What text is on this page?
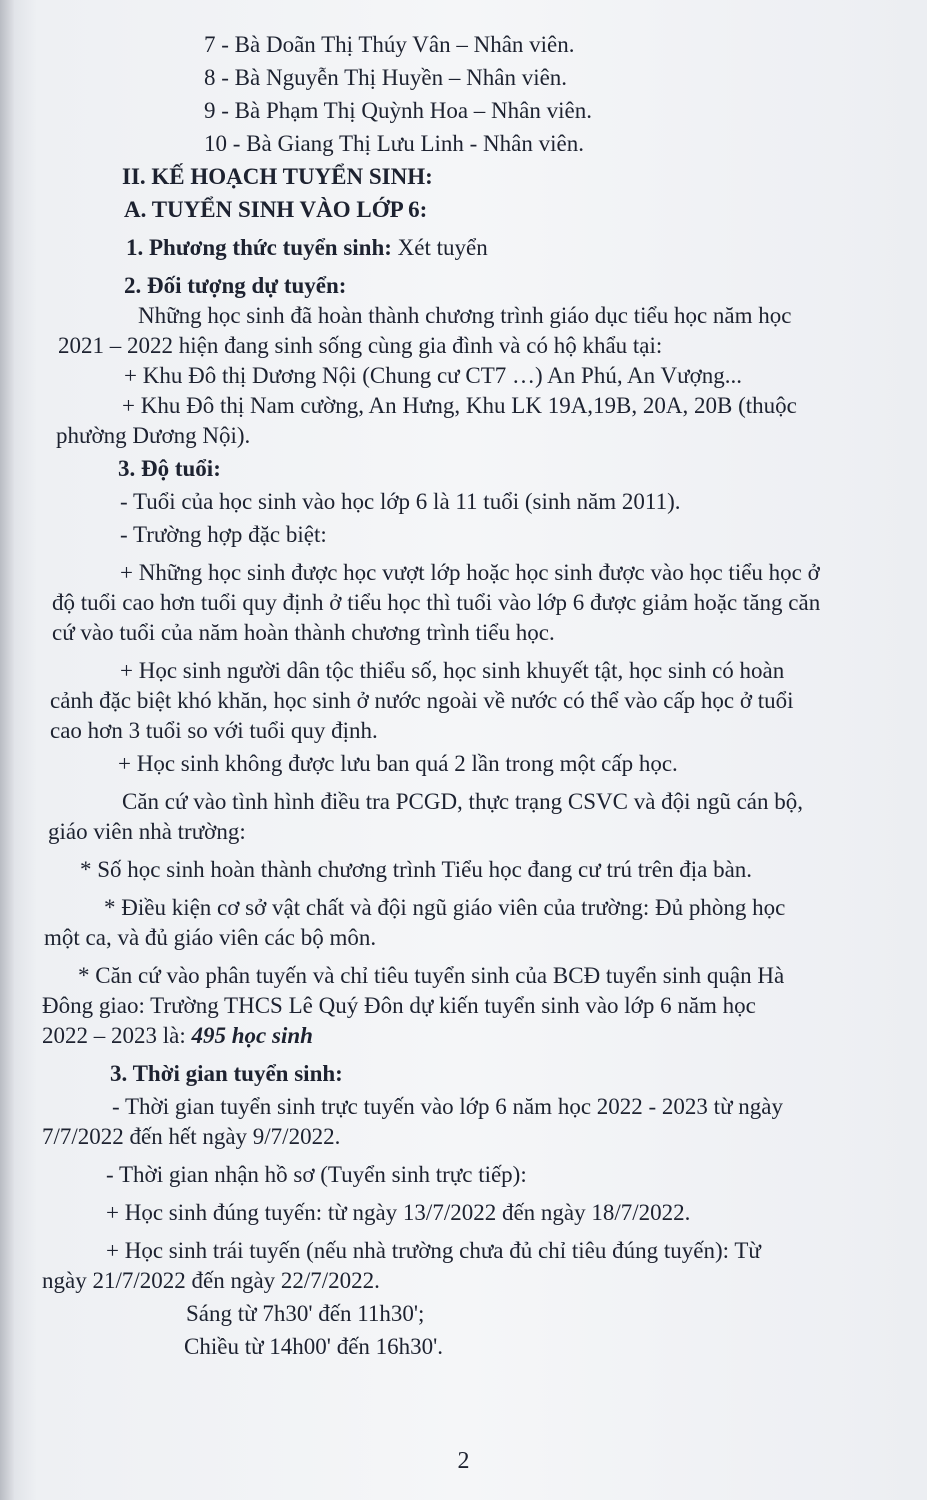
7 - Bà Doãn Thị Thúy Vân – Nhân viên.
8 - Bà Nguyễn Thị Huyền – Nhân viên.
9 - Bà Phạm Thị Quỳnh Hoa – Nhân viên.
10 - Bà Giang Thị Lưu Linh - Nhân viên.
II. KẾ HOẠCH TUYỂN SINH:
A. TUYỂN SINH VÀO LỚP 6:
1. Phương thức tuyển sinh: Xét tuyển
2. Đối tượng dự tuyển:
Những học sinh đã hoàn thành chương trình giáo dục tiểu học năm học
2021 – 2022 hiện đang sinh sống cùng gia đình và có hộ khẩu tại:
+ Khu Đô thị Dương Nội (Chung cư CT7 …) An Phú, An Vượng...
+ Khu Đô thị Nam cường, An Hưng, Khu LK 19A,19B, 20A, 20B (thuộc
phường Dương Nội).
3. Độ tuổi:
- Tuổi của học sinh vào học lớp 6 là 11 tuổi (sinh năm 2011).
- Trường hợp đặc biệt:
+ Những học sinh được học vượt lớp hoặc học sinh được vào học tiểu học ở
độ tuổi cao hơn tuổi quy định ở tiểu học thì tuổi vào lớp 6 được giảm hoặc tăng căn
cứ vào tuổi của năm hoàn thành chương trình tiểu học.
+ Học sinh người dân tộc thiểu số, học sinh khuyết tật, học sinh có hoàn
cảnh đặc biệt khó khăn, học sinh ở nước ngoài về nước có thể vào cấp học ở tuổi
cao hơn 3 tuổi so với tuổi quy định.
+ Học sinh không được lưu ban quá 2 lần trong một cấp học.
Căn cứ vào tình hình điều tra PCGD, thực trạng CSVC và đội ngũ cán bộ,
giáo viên nhà trường:
* Số học sinh hoàn thành chương trình Tiểu học đang cư trú trên địa bàn.
* Điều kiện cơ sở vật chất và đội ngũ giáo viên của trường: Đủ phòng học
một ca, và đủ giáo viên các bộ môn.
* Căn cứ vào phân tuyến và chỉ tiêu tuyển sinh của BCĐ tuyển sinh quận Hà
Đông giao: Trường THCS Lê Quý Đôn dự kiến tuyển sinh vào lớp 6 năm học
2022 – 2023 là: 495 học sinh
3. Thời gian tuyển sinh:
- Thời gian tuyển sinh trực tuyến vào lớp 6 năm học 2022 - 2023 từ ngày
7/7/2022 đến hết ngày 9/7/2022.
- Thời gian nhận hồ sơ (Tuyển sinh trực tiếp):
+ Học sinh đúng tuyến: từ ngày 13/7/2022 đến ngày 18/7/2022.
+ Học sinh trái tuyến (nếu nhà trường chưa đủ chỉ tiêu đúng tuyến): Từ
ngày 21/7/2022 đến ngày 22/7/2022.
Sáng từ 7h30' đến 11h30';
Chiều từ 14h00' đến 16h30'.
2
